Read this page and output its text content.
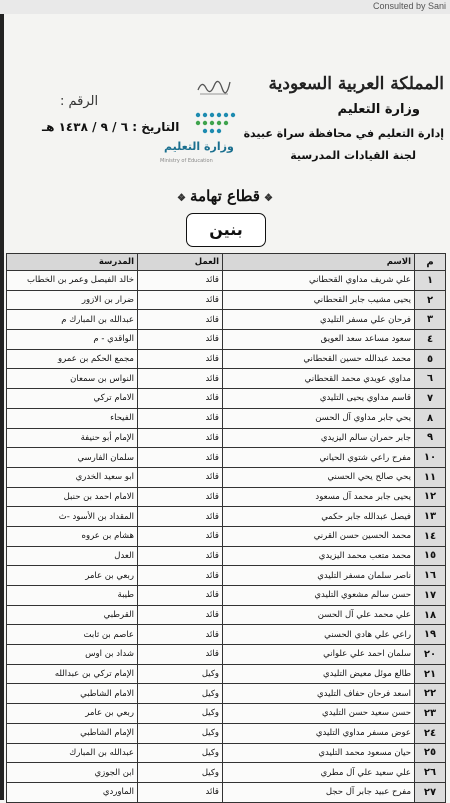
Consulted by Sani
المملكة العربية السعودية
وزارة التعليم
إدارة التعليم في محافظة سراة عبيدة
لجنة القيادات المدرسية
الرقم :
التاريخ : ٦ / ٩ / ١٤٣٨ هـ
وزارة التعليم
Ministry of Education
❖قطاع تهامة❖
بنين
م	الاسم	العمل	المدرسة
١	علي شريف مداوي القحطاني	قائد	خالد الفيصل وعمر بن الخطاب
٢	يحيى مشيب جابر القحطاني	قائد	ضرار بن الازور
٣	فرحان علي مسفر التليدي	قائد	عبدالله بن المبارك م
٤	سعود مساعد سعد العويق	قائد	الواقدي - م
٥	محمد عبدالله حسين القحطاني	قائد	مجمع الحكم بن عمرو
٦	مداوي عويدي محمد القحطاني	قائد	النواس بن سمعان
٧	قاسم مداوي يحيى التليدي	قائد	الامام تركي
٨	يحي جابر مداوي آل الحسن	قائد	الفيحاء
٩	جابر حمران سالم اليزيدي	قائد	الإمام أبو حنيفة
١٠	مفرح راعي شتوي الحياني	قائد	سلمان الفارسي
١١	يحي صالح يحي الحسني	قائد	ابو سعيد الخدري
١٢	يحيى جابر محمد آل مسعود	قائد	الامام احمد بن حنبل
١٣	فيصل عبدالله جابر حكمي	قائد	المقداد بن الأسود -ث
١٤	محمد الحسين حسن القرني	قائد	هشام بن عروه
١٥	محمد متعب محمد اليزيدي	قائد	العدل
١٦	ناصر سلمان مسفر التليدي	قائد	ربعي بن عامر
١٧	حسن سالم مشعوي التليدي	قائد	طيبة
١٨	علي محمد علي آل الحسن	قائد	القرطبي
١٩	راعي علي هادي الحسني	قائد	عاصم بن ثابت
٢٠	سلمان احمد علي علواني	قائد	شداد بن اوس
٢١	طالع موئل معيض التليدي	وكيل	الإمام تركي بن عبدالله
٢٢	اسعد فرحان حفاف التليدي	وكيل	الامام الشاطبي
٢٣	حسن سعيد حسن التليدي	وكيل	ربعي بن عامر
٢٤	عوض مسفر مداوي التليدي	وكيل	الإمام الشاطبي
٢٥	حيان مسعود محمد التليدي	وكيل	عبدالله بن المبارك
٢٦	علي سعيد علي آل مطري	وكيل	ابن الجوزي
٢٧	مفرح عبيد جابر آل حجل	قائد	الماوردي
